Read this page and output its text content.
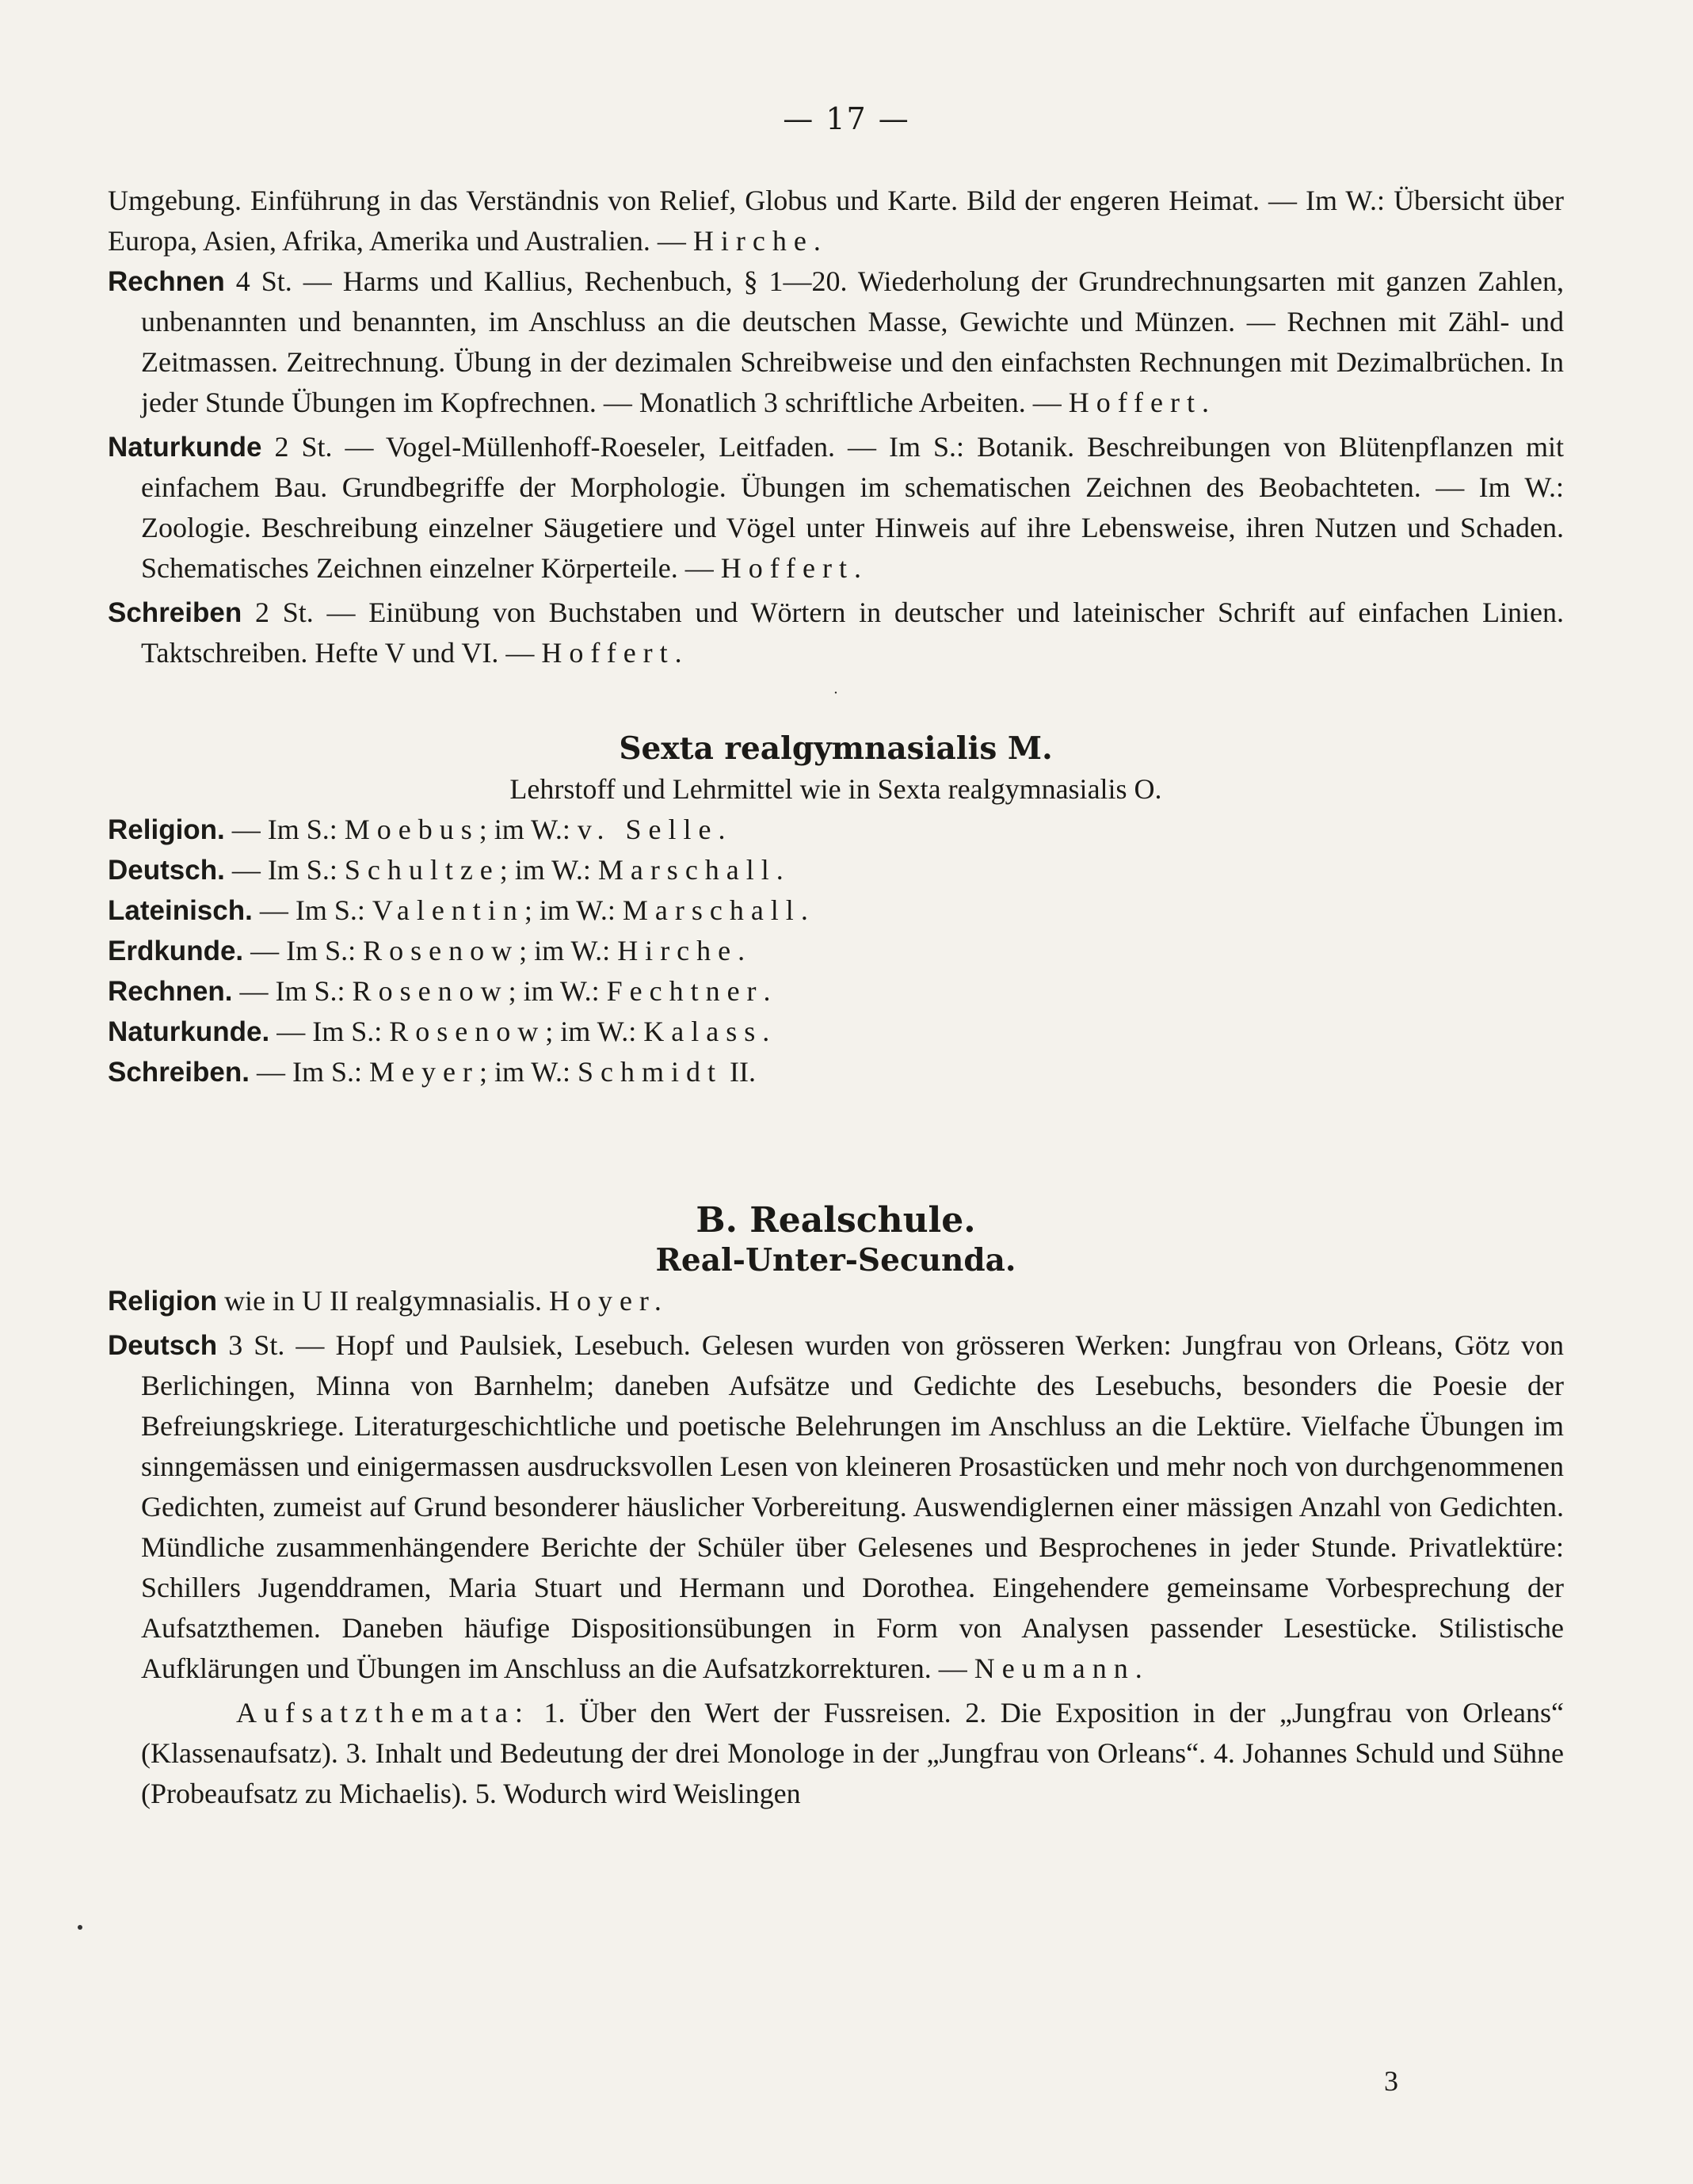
— 17 —

Umgebung. Einführung in das Verständnis von Relief, Globus und Karte. Bild der engeren Heimat. — Im W.: Übersicht über Europa, Asien, Afrika, Amerika und Australien. — Hirche.

Rechnen 4 St. — Harms und Kallius, Rechenbuch, § 1—20. Wiederholung der Grundrechnungsarten mit ganzen Zahlen, unbenannten und benannten, im Anschluss an die deutschen Masse, Gewichte und Münzen. — Rechnen mit Zähl- und Zeitmassen. Zeitrechnung. Übung in der dezimalen Schreibweise und den einfachsten Rechnungen mit Dezimalbrüchen. In jeder Stunde Übungen im Kopfrechnen. — Monatlich 3 schriftliche Arbeiten. — Hoffert.

Naturkunde 2 St. — Vogel-Müllenhoff-Roeseler, Leitfaden. — Im S.: Botanik. Beschreibungen von Blütenpflanzen mit einfachem Bau. Grundbegriffe der Morphologie. Übungen im schematischen Zeichnen des Beobachteten. — Im W.: Zoologie. Beschreibung einzelner Säugetiere und Vögel unter Hinweis auf ihre Lebensweise, ihren Nutzen und Schaden. Schematisches Zeichnen einzelner Körperteile. — Hoffert.

Schreiben 2 St. — Einübung von Buchstaben und Wörtern in deutscher und lateinischer Schrift auf einfachen Linien. Taktschreiben. Hefte V und VI. — Hoffert.

·

Sexta realgymnasialis M.

Lehrstoff und Lehrmittel wie in Sexta realgymnasialis O.

Religion. — Im S.: Moebus; im W.: v. Selle.

Deutsch. — Im S.: Schultze; im W.: Marschall.

Lateinisch. — Im S.: Valentin; im W.: Marschall.

Erdkunde. — Im S.: Rosenow; im W.: Hirche.

Rechnen. — Im S.: Rosenow; im W.: Fechtner.

Naturkunde. — Im S.: Rosenow; im W.: Kalass.

Schreiben. — Im S.: Meyer; im W.: Schmidt II.

B. Realschule.

Real-Unter-Secunda.

Religion wie in U II realgymnasialis. Hoyer.

Deutsch 3 St. — Hopf und Paulsiek, Lesebuch. Gelesen wurden von grösseren Werken: Jungfrau von Orleans, Götz von Berlichingen, Minna von Barnhelm; daneben Aufsätze und Gedichte des Lesebuchs, besonders die Poesie der Befreiungskriege. Literaturgeschichtliche und poetische Belehrungen im Anschluss an die Lektüre. Vielfache Übungen im sinngemässen und einigermassen ausdrucksvollen Lesen von kleineren Prosastücken und mehr noch von durchgenommenen Gedichten, zumeist auf Grund besonderer häuslicher Vorbereitung. Auswendiglernen einer mässigen Anzahl von Gedichten. Mündliche zusammenhängendere Berichte der Schüler über Gelesenes und Besprochenes in jeder Stunde. Privatlektüre: Schillers Jugenddramen, Maria Stuart und Hermann und Dorothea. Eingehendere gemeinsame Vorbesprechung der Aufsatzthemen. Daneben häufige Dispositionsübungen in Form von Analysen passender Lesestücke. Stilistische Aufklärungen und Übungen im Anschluss an die Aufsatzkorrekturen. — Neumann.

Aufsatzthemata: 1. Über den Wert der Fussreisen. 2. Die Exposition in der „Jungfrau von Orleans“ (Klassenaufsatz). 3. Inhalt und Bedeutung der drei Monologe in der „Jungfrau von Orleans“. 4. Johannes Schuld und Sühne (Probeaufsatz zu Michaelis). 5. Wodurch wird Weislingen

3
